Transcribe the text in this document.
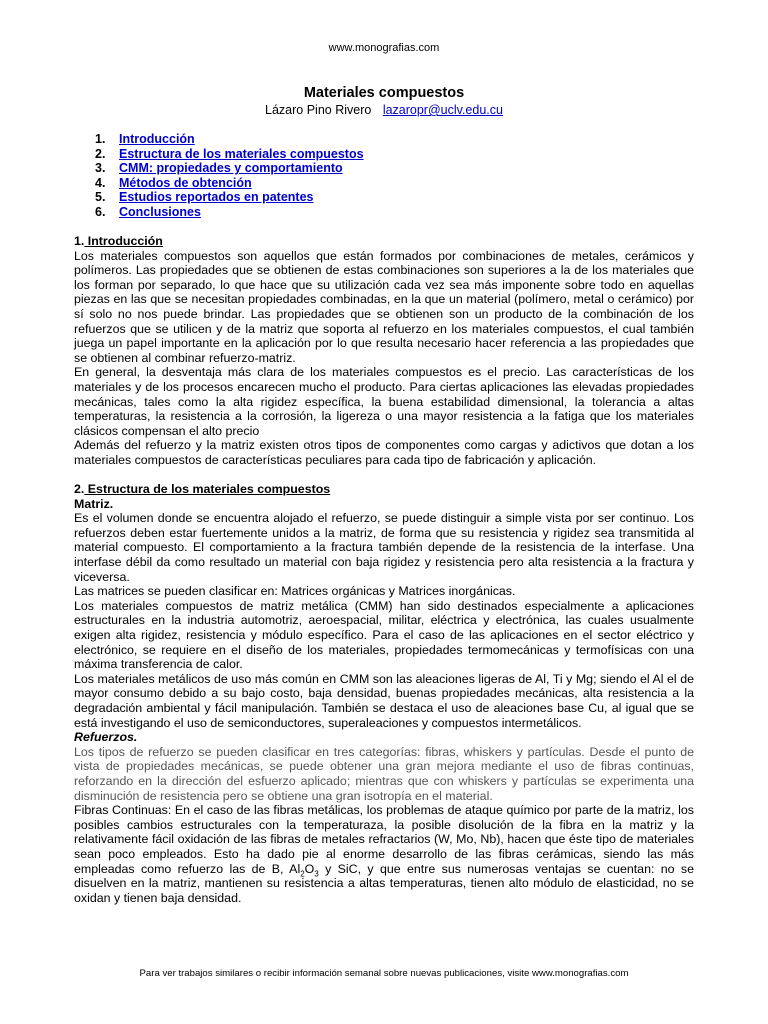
www.monografias.com
Materiales compuestos
Lázaro Pino Rivero lazaropr@uclv.edu.cu
1.	Introducción
2.	Estructura de los materiales compuestos
3.	CMM: propiedades y comportamiento
4.	Métodos de obtención
5.	Estudios reportados en patentes
6.	Conclusiones

1. Introducción

Los materiales compuestos son aquellos que están formados por combinaciones de metales, cerámicos y polímeros. Las propiedades que se obtienen de estas combinaciones son superiores a la de los materiales que los forman por separado, lo que hace que su utilización cada vez sea más imponente sobre todo en aquellas piezas en las que se necesitan propiedades combinadas, en la que un material (polímero, metal o cerámico) por sí solo no nos puede brindar. Las propiedades que se obtienen son un producto de la combinación de los refuerzos que se utilicen y de la matriz que soporta al refuerzo en los materiales compuestos, el cual también juega un papel importante en la aplicación por lo que resulta necesario hacer referencia a las propiedades que se obtienen al combinar refuerzo-matriz.

En general, la desventaja más clara de los materiales compuestos es el precio. Las características de los materiales y de los procesos encarecen mucho el producto. Para ciertas aplicaciones las elevadas propiedades mecánicas, tales como la alta rigidez específica, la buena estabilidad dimensional, la tolerancia a altas temperaturas, la resistencia a la corrosión, la ligereza o una mayor resistencia a la fatiga que los materiales clásicos compensan el alto precio

Además del refuerzo y la matriz existen otros tipos de componentes como cargas y adictivos que dotan a los materiales compuestos de características peculiares para cada tipo de fabricación y aplicación.

2. Estructura de los materiales compuestos

Matriz.

Es el volumen donde se encuentra alojado el refuerzo, se puede distinguir a simple vista por ser continuo. Los refuerzos deben estar fuertemente unidos a la matriz, de forma que su resistencia y rigidez sea transmitida al material compuesto. El comportamiento a la fractura también depende de la resistencia de la interfase. Una interfase débil da como resultado un material con baja rigidez y resistencia pero alta resistencia a la fractura y viceversa.

Las matrices se pueden clasificar en: Matrices orgánicas y Matrices inorgánicas.

Los materiales compuestos de matriz metálica (CMM) han sido destinados especialmente a aplicaciones estructurales en la industria automotriz, aeroespacial, militar, eléctrica y electrónica, las cuales usualmente exigen alta rigidez, resistencia y módulo específico. Para el caso de las aplicaciones en el sector eléctrico y electrónico, se requiere en el diseño de los materiales, propiedades termomecánicas y termofísicas con una máxima transferencia de calor.

Los materiales metálicos de uso más común en CMM son las aleaciones ligeras de Al, Ti y Mg; siendo el Al el de mayor consumo debido a su bajo costo, baja densidad, buenas propiedades mecánicas, alta resistencia a la degradación ambiental y fácil manipulación. También se destaca el uso de aleaciones base Cu, al igual que se está investigando el uso de semiconductores, superaleaciones y compuestos intermetálicos.

Refuerzos.

Los tipos de refuerzo se pueden clasificar en tres categorías: fibras, whiskers y partículas. Desde el punto de vista de propiedades mecánicas, se puede obtener una gran mejora mediante el uso de fibras continuas, reforzando en la dirección del esfuerzo aplicado; mientras que con whiskers y partículas se experimenta una disminución de resistencia pero se obtiene una gran isotropía en el material.

Fibras Continuas: En el caso de las fibras metálicas, los problemas de ataque químico por parte de la matriz, los posibles cambios estructurales con la temperaturaza, la posible disolución de la fibra en la matriz y la relativamente fácil oxidación de las fibras de metales refractarios (W, Mo, Nb), hacen que éste tipo de materiales sean poco empleados. Esto ha dado pie al enorme desarrollo de las fibras cerámicas, siendo las más empleadas como refuerzo las de B, $Al_2O_3$ y SiC, y que entre sus numerosas ventajas se cuentan: no se disuelven en la matriz, mantienen su resistencia a altas temperaturas, tienen alto módulo de elasticidad, no se oxidan y tienen baja densidad.

Para ver trabajos similares o recibir información semanal sobre nuevas publicaciones, visite www.monografias.com
